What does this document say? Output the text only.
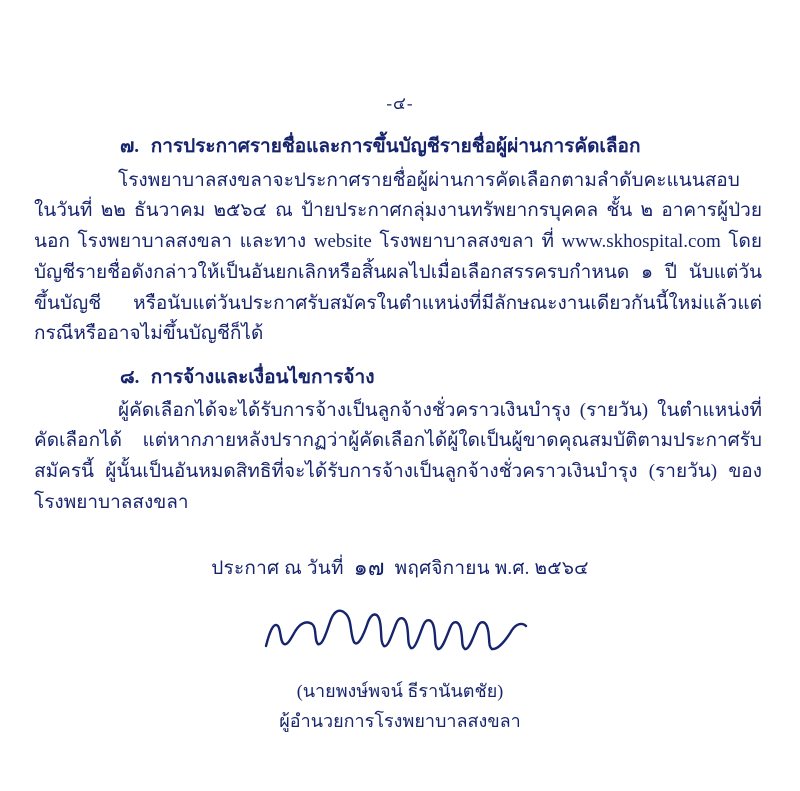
-๔-
๗. การประกาศรายชื่อและการขึ้นบัญชีรายชื่อผู้ผ่านการคัดเลือก
โรงพยาบาลสงขลาจะประกาศรายชื่อผู้ผ่านการคัดเลือกตามลำดับคะแนนสอบ ในวันที่ ๒๒ ธันวาคม ๒๕๖๔ ณ ป้ายประกาศกลุ่มงานทรัพยากรบุคคล ชั้น ๒ อาคารผู้ป่วยนอก โรงพยาบาลสงขลา และทาง website โรงพยาบาลสงขลา ที่ www.skhospital.com โดยบัญชีรายชื่อดังกล่าวให้เป็นอันยกเลิกหรือสิ้นผลไปเมื่อเลือกสรรครบกำหนด ๑ ปี นับแต่วันขึ้นบัญชี หรือนับแต่วันประกาศรับสมัครในตำแหน่งที่มีลักษณะงานเดียวกันนี้ใหม่แล้วแต่กรณีหรืออาจไม่ขึ้นบัญชีก็ได้
๘. การจ้างและเงื่อนไขการจ้าง
ผู้คัดเลือกได้จะได้รับการจ้างเป็นลูกจ้างชั่วคราวเงินบำรุง (รายวัน) ในตำแหน่งที่คัดเลือกได้ แต่หากภายหลังปรากฏว่าผู้คัดเลือกได้ผู้ใดเป็นผู้ขาดคุณสมบัติตามประกาศรับสมัครนี้ ผู้นั้นเป็นอันหมดสิทธิที่จะได้รับการจ้างเป็นลูกจ้างชั่วคราวเงินบำรุง (รายวัน) ของโรงพยาบาลสงขลา
ประกาศ ณ วันที่ ๑๗ พฤศจิกายน พ.ศ. ๒๕๖๔
(นายพงษ์พจน์ ธีรานันตชัย)
ผู้อำนวยการโรงพยาบาลสงขลา
